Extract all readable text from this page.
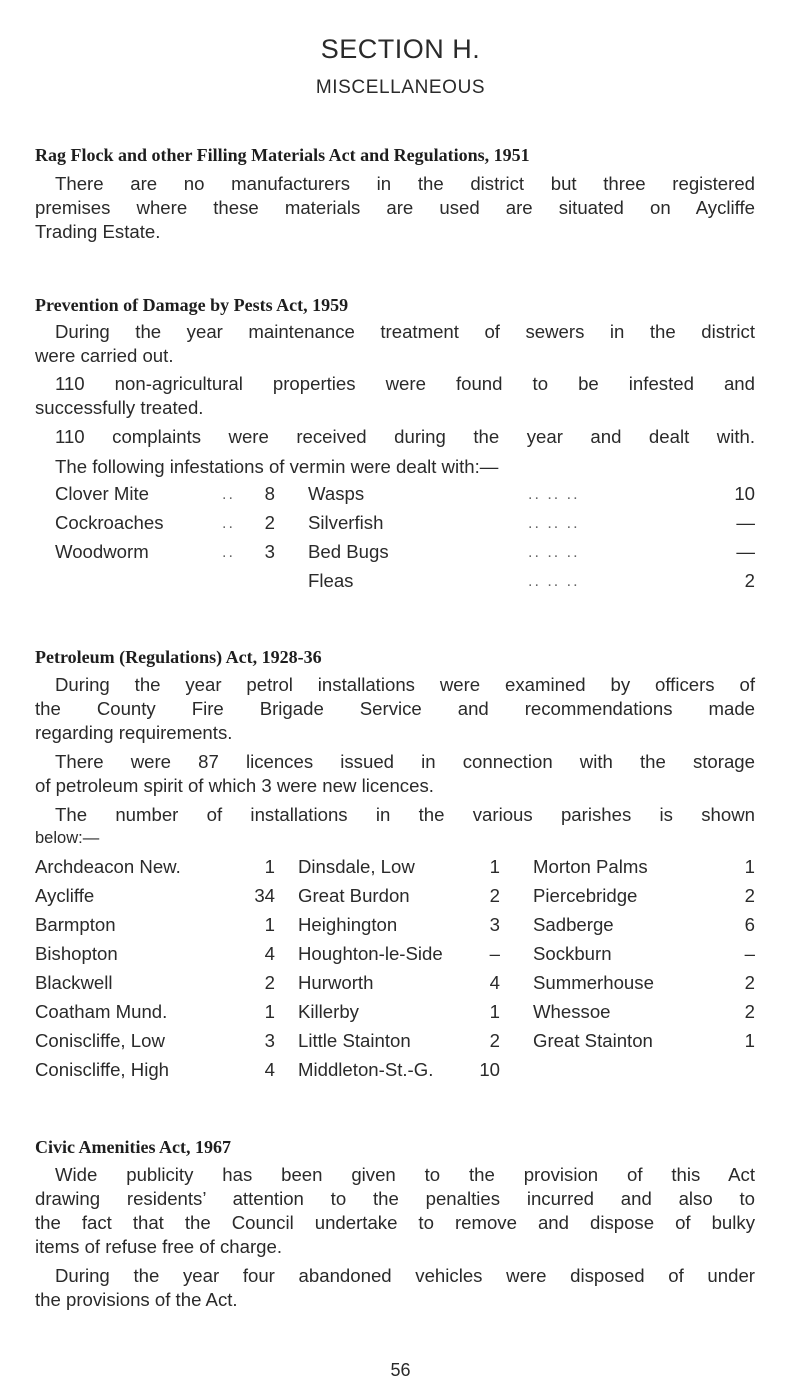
SECTION H.
MISCELLANEOUS
Rag Flock and other Filling Materials Act and Regulations, 1951
There are no manufacturers in the district but three registered
premises where these materials are used are situated on Aycliffe
Trading Estate.
Prevention of Damage by Pests Act, 1959
During the year maintenance treatment of sewers in the district
were carried out.
110 non-agricultural properties were found to be infested and
successfully treated.
110 complaints were received during the year and dealt with.
The following infestations of vermin were dealt with:—
Clover Mite	..	8
Cockroaches	..	2
Woodworm	..	3
Wasps	.. .. ..	10
Silverfish	.. .. ..	—
Bed Bugs	.. .. ..	—
Fleas	.. .. ..	2
Petroleum (Regulations) Act, 1928-36
During the year petrol installations were examined by officers of
the County Fire Brigade Service and recommendations made
regarding requirements.
There were 87 licences issued in connection with the storage
of petroleum spirit of which 3 were new licences.
The number of installations in the various parishes is shown
below:—
Archdeacon New.	1
Aycliffe	34
Barmpton	1
Bishopton	4
Blackwell	2
Coatham Mund.	1
Coniscliffe, Low	3
Coniscliffe, High	4
Dinsdale, Low	1
Great Burdon	2
Heighington	3
Houghton-le-Side	–
Hurworth	4
Killerby	1
Little Stainton	2
Middleton-St.-G.	10
Morton Palms	1
Piercebridge	2
Sadberge	6
Sockburn	–
Summerhouse	2
Whessoe	2
Great Stainton	1
Civic Amenities Act, 1967
Wide publicity has been given to the provision of this Act
drawing residents’ attention to the penalties incurred and also to
the fact that the Council undertake to remove and dispose of bulky
items of refuse free of charge.
During the year four abandoned vehicles were disposed of under
the provisions of the Act.
56
